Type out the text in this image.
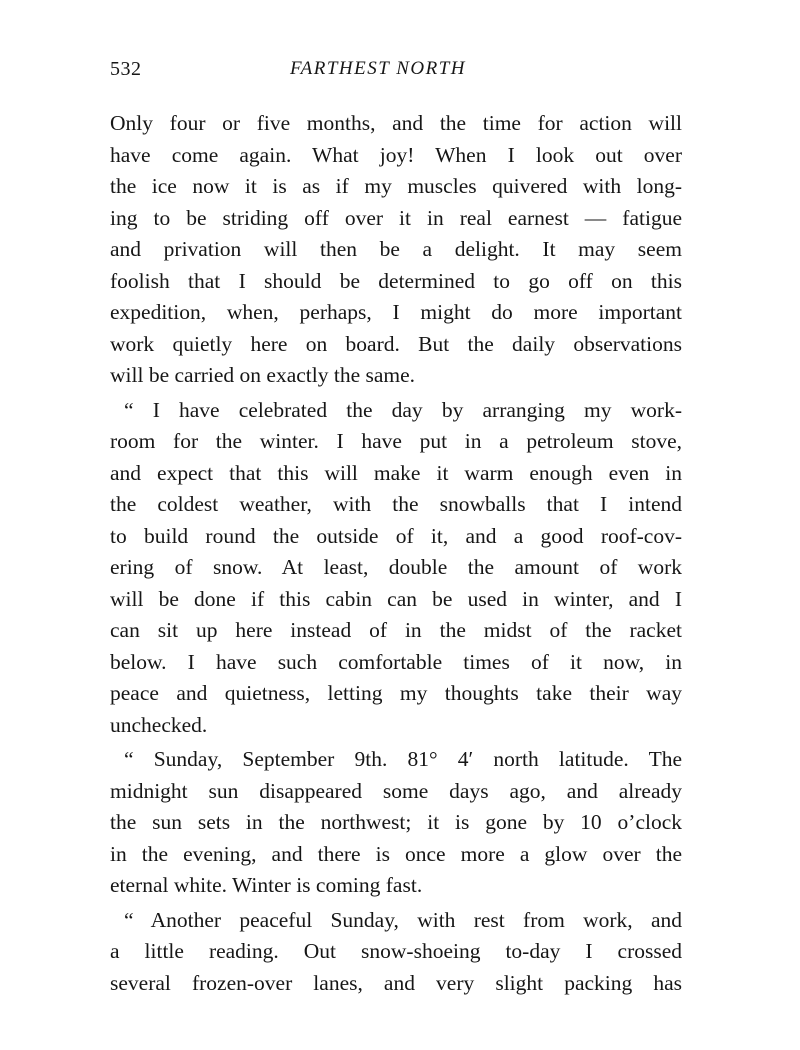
532	FARTHEST NORTH
Only four or five months, and the time for action will
have come again. What joy! When I look out over
the ice now it is as if my muscles quivered with long-
ing to be striding off over it in real earnest — fatigue
and privation will then be a delight. It may seem
foolish that I should be determined to go off on this
expedition, when, perhaps, I might do more important
work quietly here on board. But the daily observations
will be carried on exactly the same.
“ I have celebrated the day by arranging my work-
room for the winter. I have put in a petroleum stove,
and expect that this will make it warm enough even in
the coldest weather, with the snowballs that I intend
to build round the outside of it, and a good roof-cov-
ering of snow. At least, double the amount of work
will be done if this cabin can be used in winter, and I
can sit up here instead of in the midst of the racket
below. I have such comfortable times of it now, in
peace and quietness, letting my thoughts take their way
unchecked.
“ Sunday, September 9th. 81° 4′ north latitude. The
midnight sun disappeared some days ago, and already
the sun sets in the northwest; it is gone by 10 o’clock
in the evening, and there is once more a glow over the
eternal white. Winter is coming fast.
“ Another peaceful Sunday, with rest from work, and
a little reading. Out snow-shoeing to-day I crossed
several frozen-over lanes, and very slight packing has
